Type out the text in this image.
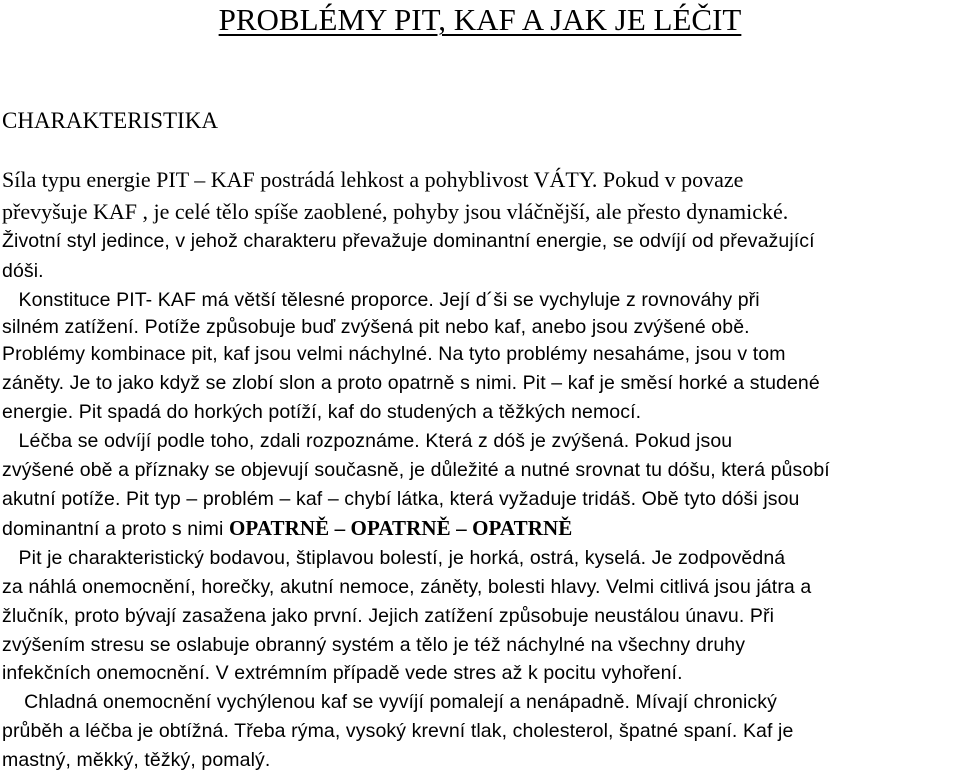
PROBLÉMY PIT, KAF A JAK JE LÉČIT
CHARAKTERISTIKA

Síla typu energie PIT – KAF postrádá lehkost a pohyblivost VÁTY. Pokud v povaze

převyšuje KAF , je celé tělo spíše zaoblené, pohyby jsou vláčnější, ale přesto dynamické.

Životní styl jedince, v jehož charakteru převažuje dominantní energie, se odvíjí od převažující

dóši.

Konstituce PIT- KAF má větší tělesné proporce. Její d´ši se vychyluje z rovnováhy při

silném zatížení. Potíže způsobuje buď zvýšená pit nebo kaf, anebo jsou zvýšené obě.

Problémy kombinace pit, kaf jsou velmi náchylné. Na tyto problémy nesaháme, jsou v tom

záněty. Je to jako když se zlobí slon a proto opatrně s nimi. Pit – kaf je směsí horké a studené

energie. Pit spadá do horkých potíží, kaf do studených a těžkých nemocí.

Léčba se odvíjí podle toho, zdali rozpoznáme. Která z dóš je zvýšená. Pokud jsou

zvýšené obě a příznaky se objevují současně, je důležité a nutné srovnat tu dóšu, která působí

akutní potíže. Pit typ – problém – kaf – chybí látka, která vyžaduje tridáš. Obě tyto dóši jsou

dominantní a proto s nimi OPATRNĚ – OPATRNĚ – OPATRNĚ

Pit je charakteristický bodavou, štiplavou bolestí, je horká, ostrá, kyselá. Je zodpovědná

za náhlá onemocnění, horečky, akutní nemoce, záněty, bolesti hlavy. Velmi citlivá jsou játra a

žlučník, proto bývají zasažena jako první. Jejich zatížení způsobuje neustálou únavu. Při

zvýšením stresu se oslabuje obranný systém a tělo je též náchylné na všechny druhy

infekčních onemocnění. V extrémním případě vede stres až k pocitu vyhoření.

Chladná onemocnění vychýlenou kaf se vyvíjí pomalejí a nenápadně. Mívají chronický

průběh a léčba je obtížná. Třeba rýma, vysoký krevní tlak, cholesterol, špatné spaní. Kaf je

mastný, měkký, těžký, pomalý.
